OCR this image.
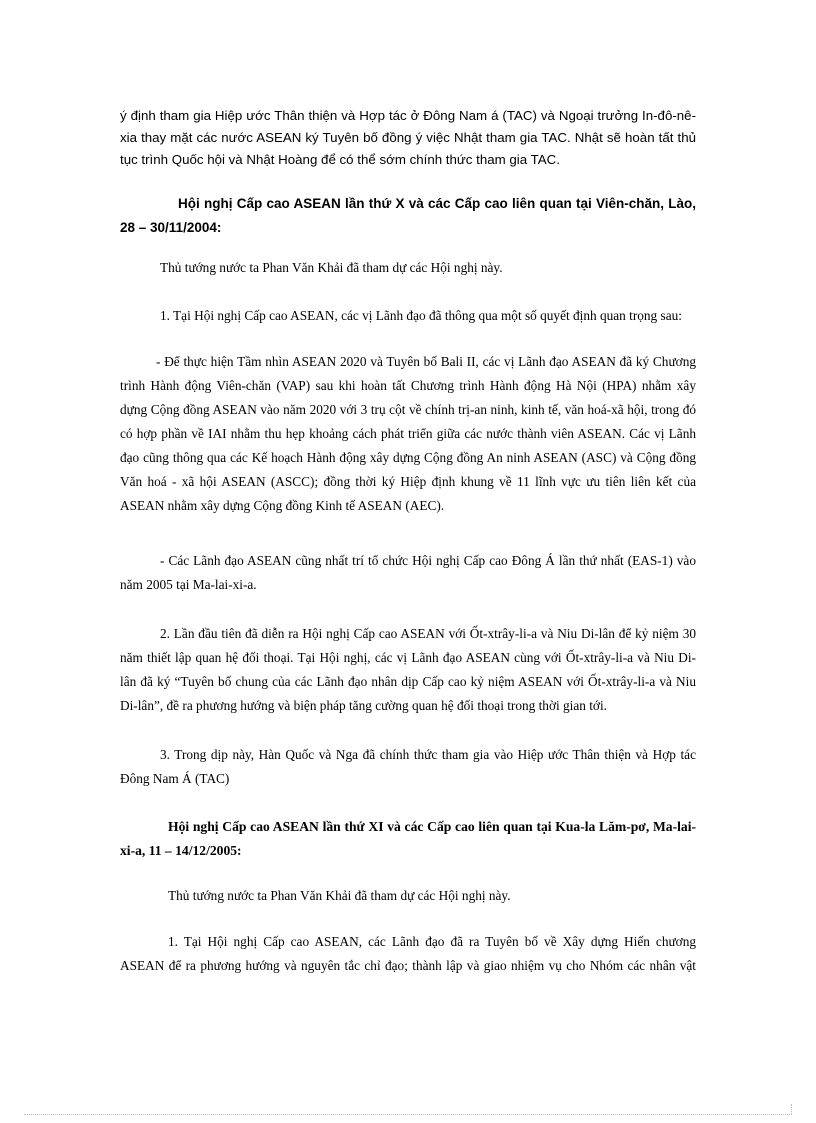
ý định tham gia Hiệp ước Thân thiện và Hợp tác ở Đông Nam á (TAC) và Ngoại trưởng In-đô-nê-
xia thay mặt các nước ASEAN ký Tuyên bố đồng ý việc Nhật tham gia TAC. Nhật sẽ hoàn tất thủ
tục trình Quốc hội và Nhật Hoàng để có thể sớm chính thức tham gia TAC.
Hội nghị Cấp cao ASEAN lần thứ X và các Cấp cao liên quan tại Viên-chăn, Lào,
28 – 30/11/2004:
Thủ tướng nước ta Phan Văn Khải đã tham dự các Hội nghị này.
1. Tại Hội nghị Cấp cao ASEAN, các vị Lãnh đạo đã thông qua một số quyết định quan trọng sau:
- Để thực hiện Tầm nhìn ASEAN 2020 và Tuyên bố Bali II, các vị Lãnh đạo ASEAN đã ký Chương
trình Hành động Viên-chăn (VAP) sau khi hoàn tất Chương trình Hành động Hà Nội (HPA) nhằm xây
dựng Cộng đồng ASEAN vào năm 2020 với 3 trụ cột về chính trị-an ninh, kinh tế, văn hoá-xã hội, trong đó
có hợp phần về IAI nhằm thu hẹp khoảng cách phát triển giữa các nước thành viên ASEAN. Các vị Lãnh
đạo cũng thông qua các Kế hoạch Hành động xây dựng Cộng đồng An ninh ASEAN (ASC) và Cộng đồng
Văn hoá - xã hội ASEAN (ASCC); đồng thời ký Hiệp định khung về 11 lĩnh vực ưu tiên liên kết của
ASEAN nhằm xây dựng Cộng đồng Kinh tế ASEAN (AEC).
- Các Lãnh đạo ASEAN cũng nhất trí tổ chức Hội nghị Cấp cao Đông Á lần thứ nhất (EAS-1) vào
năm 2005 tại Ma-lai-xi-a.
2. Lần đầu tiên đã diễn ra Hội nghị Cấp cao ASEAN với Ốt-xtrây-li-a và Niu Di-lân để kỷ niệm 30
năm thiết lập quan hệ đối thoại. Tại Hội nghị, các vị Lãnh đạo ASEAN cùng với Ốt-xtrây-li-a và Niu Di-
lân đã ký “Tuyên bố chung của các Lãnh đạo nhân dịp Cấp cao kỷ niệm ASEAN với Ốt-xtrây-li-a và Niu
Di-lân”, đề ra phương hướng và biện pháp tăng cường quan hệ đối thoại trong thời gian tới.
3. Trong dịp này, Hàn Quốc và Nga đã chính thức tham gia vào Hiệp ước Thân thiện và Hợp tác
Đông Nam Á (TAC)
Hội nghị Cấp cao ASEAN lần thứ XI và các Cấp cao liên quan tại Kua-la Lăm-pơ, Ma-lai-
xi-a, 11 – 14/12/2005:
Thủ tướng nước ta Phan Văn Khải đã tham dự các Hội nghị này.
1. Tại Hội nghị Cấp cao ASEAN, các Lãnh đạo đã ra Tuyên bố về Xây dựng Hiến chương
ASEAN để ra phương hướng và nguyên tắc chỉ đạo; thành lập và giao nhiệm vụ cho Nhóm các nhân vật
